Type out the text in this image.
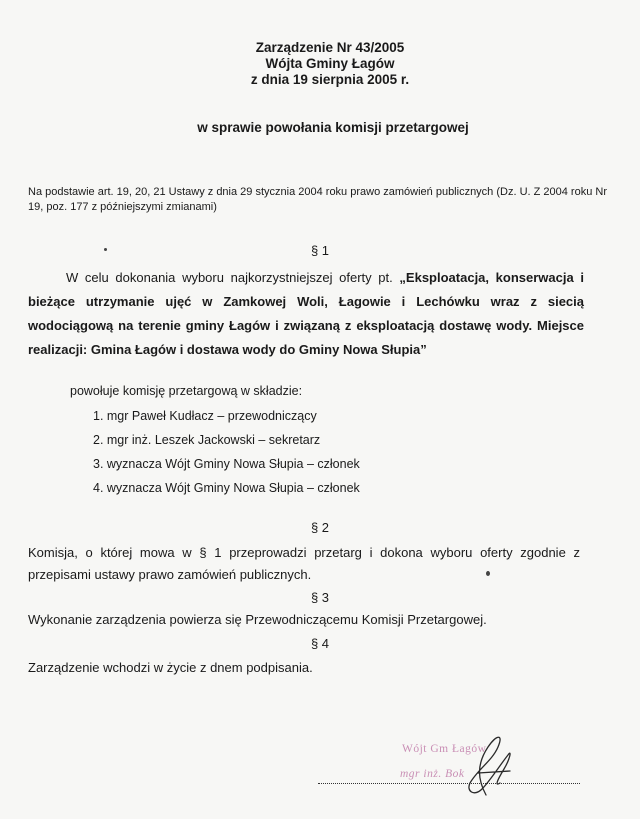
Zarządzenie Nr 43/2005
Wójta Gminy Łagów
z dnia 19 sierpnia 2005 r.
w sprawie powołania komisji przetargowej
Na podstawie art. 19, 20, 21 Ustawy z dnia 29 stycznia 2004 roku prawo zamówień publicznych (Dz. U. Z 2004 roku Nr 19, poz. 177 z późniejszymi zmianami)
§ 1
W celu dokonania wyboru najkorzystniejszej oferty pt. „Eksploatacja, konserwacja i bieżące utrzymanie ujęć w Zamkowej Woli, Łagowie i Lechówku wraz z siecią wodociągową na terenie gminy Łagów i związaną z eksploatacją dostawę wody. Miejsce realizacji: Gmina Łagów i dostawa wody do Gminy Nowa Słupia”
powołuje komisję przetargową w składzie:
1. mgr Paweł Kudłacz – przewodniczący
2. mgr inż. Leszek Jackowski – sekretarz
3. wyznacza Wójt Gminy Nowa Słupia – członek
4. wyznacza Wójt Gminy Nowa Słupia – członek
§ 2
Komisja, o której mowa w § 1 przeprowadzi przetarg i dokona wyboru oferty zgodnie z przepisami ustawy prawo zamówień publicznych.
§ 3
Wykonanie zarządzenia powierza się Przewodniczącemu Komisji Przetargowej.
§ 4
Zarządzenie wchodzi w życie z dnem podpisania.
Wójt Gm Łagów
mgr inż. Bok
